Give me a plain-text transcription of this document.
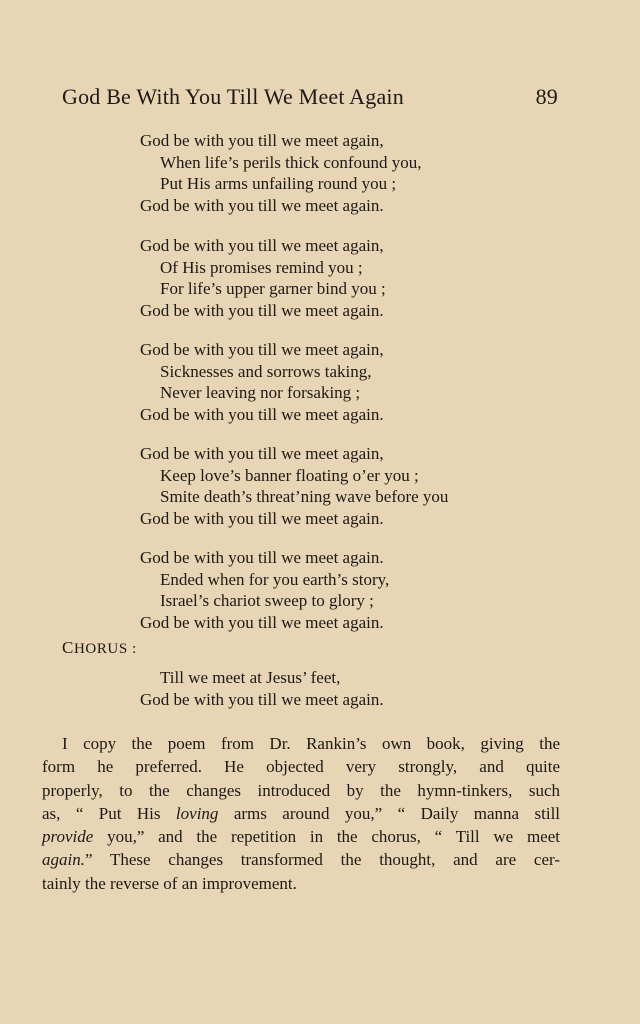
God Be With You Till We Meet Again	89
God be with you till we meet again,
When life’s perils thick confound you,
Put His arms unfailing round you ;
God be with you till we meet again.
God be with you till we meet again,
Of His promises remind you ;
For life’s upper garner bind you ;
God be with you till we meet again.
God be with you till we meet again,
Sicknesses and sorrows taking,
Never leaving nor forsaking ;
God be with you till we meet again.
God be with you till we meet again,
Keep love’s banner floating o’er you ;
Smite death’s threat’ning wave before you
God be with you till we meet again.
God be with you till we meet again.
Ended when for you earth’s story,
Israel’s chariot sweep to glory ;
God be with you till we meet again.
CHORUS :
Till we meet at Jesus’ feet,
God be with you till we meet again.
I copy the poem from Dr. Rankin’s own book, giving the
form he preferred. He objected very strongly, and quite
properly, to the changes introduced by the hymn-tinkers, such
as, “ Put His loving arms around you,” “ Daily manna still
provide you,” and the repetition in the chorus, “ Till we meet
again.” These changes transformed the thought, and are cer-
tainly the reverse of an improvement.
